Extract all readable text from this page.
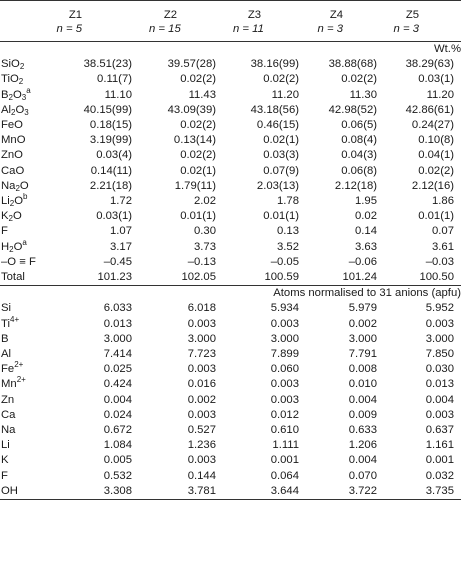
	Z1	Z2	Z3	Z4	Z5

	n = 5	n = 15	n = 11	n = 3	n = 3

Wt.%					
SiO$_2$	38.51(23)	39.57(28)	38.16(99)	38.88(68)	38.29(63)
TiO$_2$	0.11(7)	0.02(2)	0.02(2)	0.02(2)	0.03(1)
$B_2O_3^a$	11.10	11.43	11.20	11.30	11.20
$Al_2O_3$	40.15(99)	43.09(39)	43.18(56)	42.98(52)	42.86(61)
FeO	0.18(15)	0.02(2)	0.46(15)	0.06(5)	0.24(27)
MnO	3.19(99)	0.13(14)	0.02(1)	0.08(4)	0.10(8)
ZnO	0.03(4)	0.02(2)	0.03(3)	0.04(3)	0.04(1)
CaO	0.14(11)	0.02(1)	0.07(9)	0.06(8)	0.02(2)
$Na_2O$	2.21(18)	1.79(11)	2.03(13)	2.12(18)	2.12(16)
$Li_2O^b$	1.72	2.02	1.78	1.95	1.86
$K_2O$	0.03(1)	0.01(1)	0.01(1)	0.02	0.01(1)
F	1.07	0.30	0.13	0.14	0.07
$H_2O^a$	3.17	3.73	3.52	3.63	3.61
–O ≡ F	–0.45	–0.13	–0.05	–0.06	–0.03
Total	101.23	102.05	100.59	101.24	100.50
Atoms normalised to 31 anions (apfu)					
Si	6.033	6.018	5.934	5.979	5.952
$Ti^{4+}$	0.013	0.003	0.003	0.002	0.003
B	3.000	3.000	3.000	3.000	3.000
Al	7.414	7.723	7.899	7.791	7.850
$Fe^{2+}$	0.025	0.003	0.060	0.008	0.030
$Mn^{2+}$	0.424	0.016	0.003	0.010	0.013
Zn	0.004	0.002	0.003	0.004	0.004
Ca	0.024	0.003	0.012	0.009	0.003
Na	0.672	0.527	0.610	0.633	0.637
Li	1.084	1.236	1.111	1.206	1.161
K	0.005	0.003	0.001	0.004	0.001
F	0.532	0.144	0.064	0.070	0.032
OH	3.308	3.781	3.644	3.722	3.735
